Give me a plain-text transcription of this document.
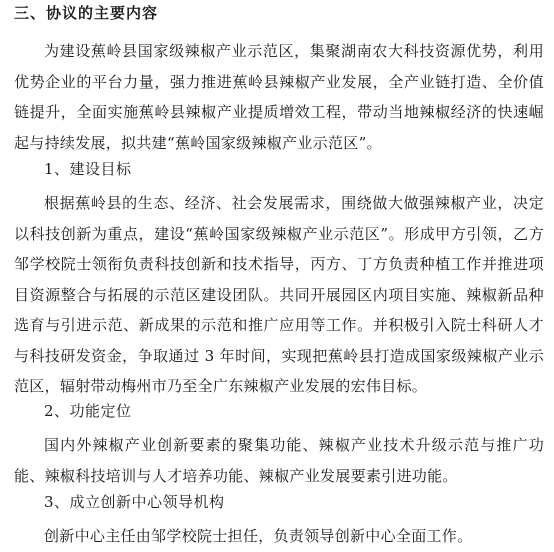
三、协议的主要内容

为建设蕉岭县国家级辣椒产业示范区，集聚湖南农大科技资源优势，利用优势企业的平台力量，强力推进蕉岭县辣椒产业发展，全产业链打造、全价值链提升，全面实施蕉岭县辣椒产业提质增效工程，带动当地辣椒经济的快速崛起与持续发展，拟共建“蕉岭国家级辣椒产业示范区”。

1、建设目标

根据蕉岭县的生态、经济、社会发展需求，围绕做大做强辣椒产业，决定以科技创新为重点，建设“蕉岭国家级辣椒产业示范区”。形成甲方引领，乙方邹学校院士领衔负责科技创新和技术指导，丙方、丁方负责种植工作并推进项目资源整合与拓展的示范区建设团队。共同开展园区内项目实施、辣椒新品种选育与引进示范、新成果的示范和推广应用等工作。并积极引入院士科研人才与科技研发资金，争取通过 3 年时间，实现把蕉岭县打造成国家级辣椒产业示范区，辐射带动梅州市乃至全广东辣椒产业发展的宏伟目标。

2、功能定位

国内外辣椒产业创新要素的聚集功能、辣椒产业技术升级示范与推广功能、辣椒科技培训与人才培养功能、辣椒产业发展要素引进功能。

3、成立创新中心领导机构

创新中心主任由邹学校院士担任，负责领导创新中心全面工作。
